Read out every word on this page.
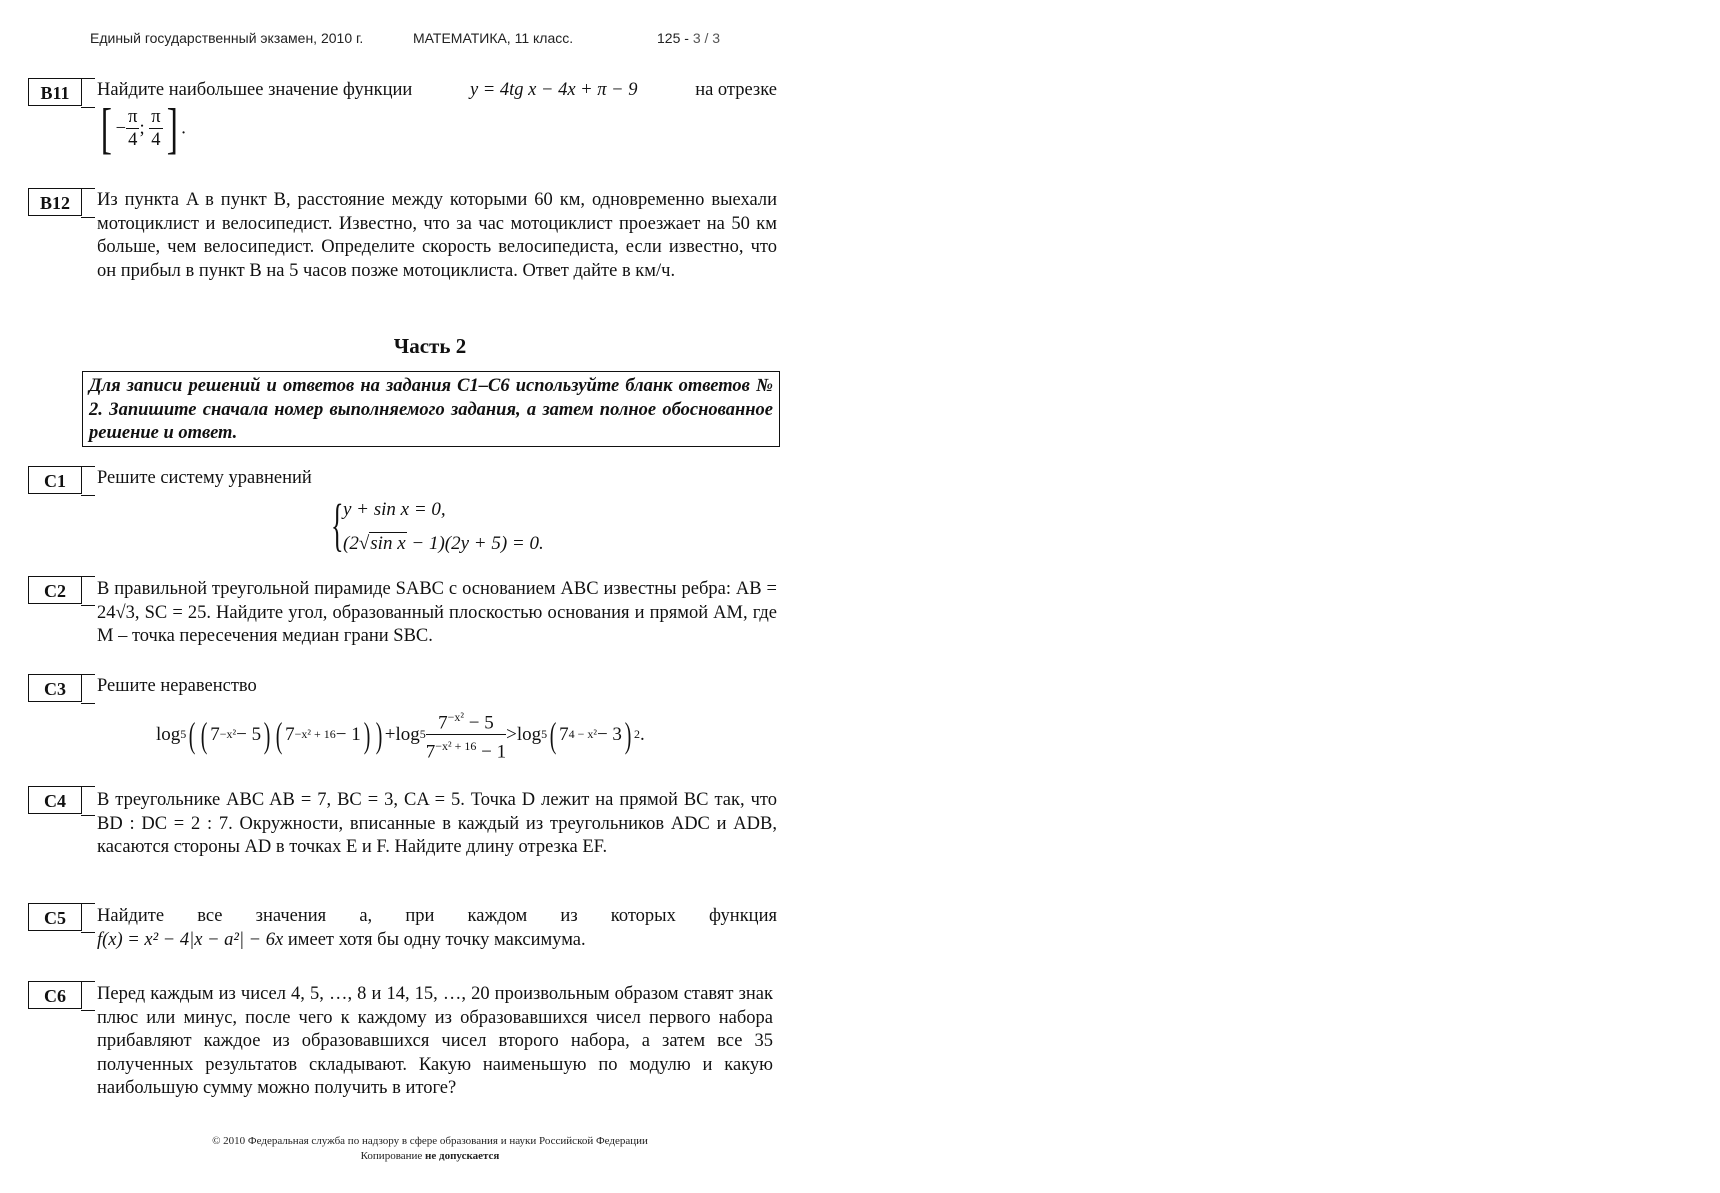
Единый государственный экзамен, 2010 г.	МАТЕМАТИКА, 11 класс.	125 - 3 / 3
B11	Найдите наибольшее значение функции	y = 4tg x − 4x + π − 9	на отрезке
[ − $\frac{\pi}{4}$ ; $\frac{\pi}{4}$ ] .
B12	Из пункта A в пункт B, расстояние между которыми 60 км, одновременно выехали мотоциклист и велосипедист. Известно, что за час мотоциклист проезжает на 50 км больше, чем велосипедист. Определите скорость велосипедиста, если известно, что он прибыл в пункт B на 5 часов позже мотоциклиста. Ответ дайте в км/ч.
Часть 2
Для записи решений и ответов на задания С1–С6 используйте бланк ответов № 2. Запишите сначала номер выполняемого задания, а затем полное обоснованное решение и ответ.
C1	Решите систему уравнений
{ y + sin x = 0,
(2√sin x − 1)(2y + 5) = 0.
C2	В правильной треугольной пирамиде SABC с основанием ABC известны ребра: AB = 24√3, SC = 25. Найдите угол, образованный плоскостью основания и прямой AM, где M – точка пересечения медиан грани SBC.
C3	Решите неравенство
log 5 ( ( 7 −x² − 5 ) ( 7 −x² + 16 − 1 ) ) + $\log 5 \frac{7^{-x^2} - 5}{7^{-x^2 + 16} - 1} > \log 5$ ( 7 4 − x² − 3 ) 2 .
C4	В треугольнике ABC AB = 7, BC = 3, CA = 5. Точка D лежит на прямой BC так, что BD : DC = 2 : 7. Окружности, вписанные в каждый из треугольников ADC и ADB, касаются стороны AD в точках E и F. Найдите длину отрезка EF.
C5	Найдите все значения a, при каждом из которых функция
f(x) = x² − 4|x − a²| − 6x имеет хотя бы одну точку максимума.
C6	Перед каждым из чисел 4, 5, …, 8 и 14, 15, …, 20 произвольным образом ставят знак плюс или минус, после чего к каждому из образовавшихся чисел первого набора прибавляют каждое из образовавшихся чисел второго набора, а затем все 35 полученных результатов складывают. Какую наименьшую по модулю и какую наибольшую сумму можно получить в итоге?
© 2010 Федеральная служба по надзору в сфере образования и науки Российской Федерации
Копирование не допускается
